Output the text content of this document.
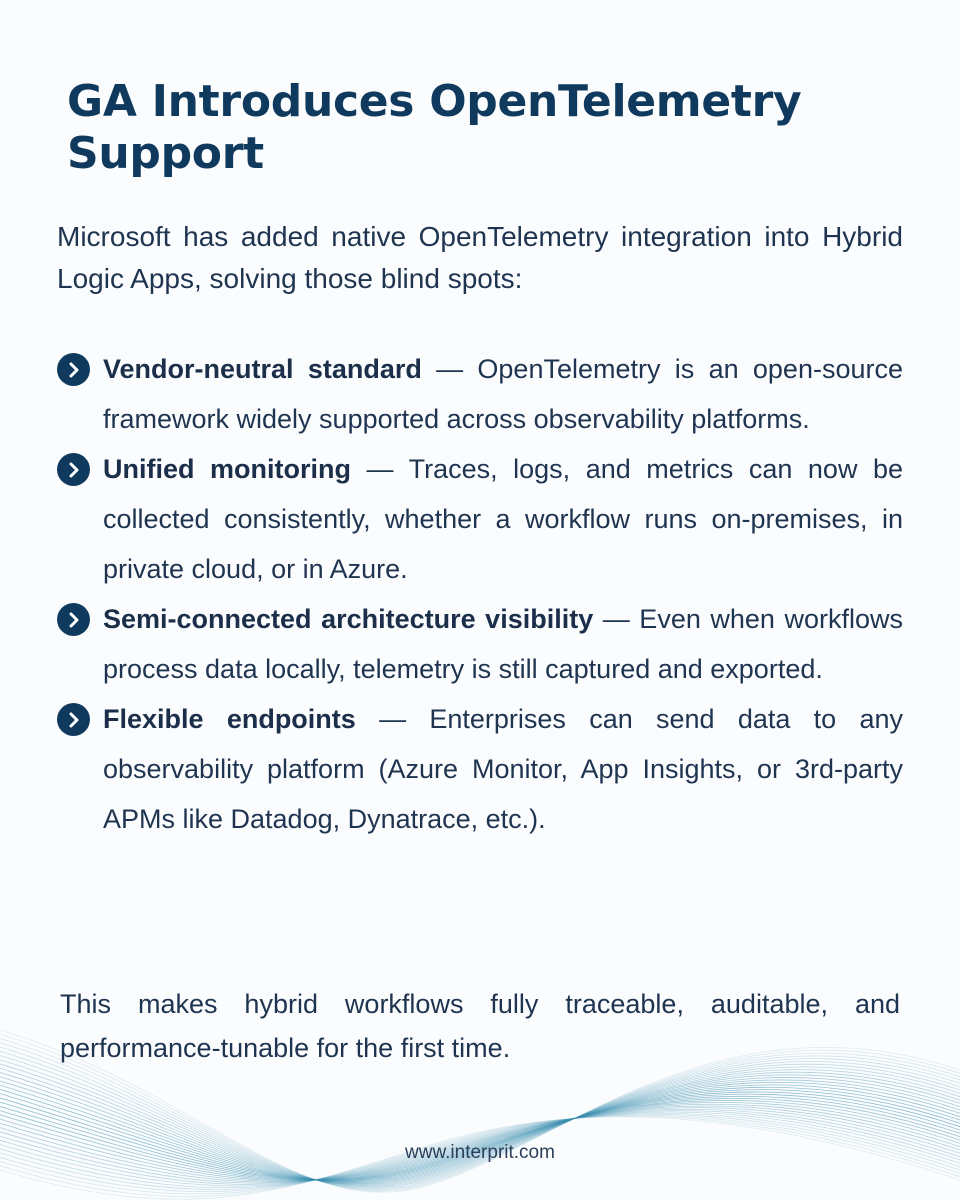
GA Introduces OpenTelemetry Support

Microsoft has added native OpenTelemetry integration into Hybrid Logic Apps, solving those blind spots:

Vendor-neutral standard — OpenTelemetry is an open-source framework widely supported across observability platforms.
Unified monitoring — Traces, logs, and metrics can now be collected consistently, whether a workflow runs on-premises, in private cloud, or in Azure.
Semi-connected architecture visibility — Even when workflows process data locally, telemetry is still captured and exported.
Flexible endpoints — Enterprises can send data to any observability platform (Azure Monitor, App Insights, or 3rd-party APMs like Datadog, Dynatrace, etc.).

This makes hybrid workflows fully traceable, auditable, and performance-tunable for the first time.

www.interprit.com
